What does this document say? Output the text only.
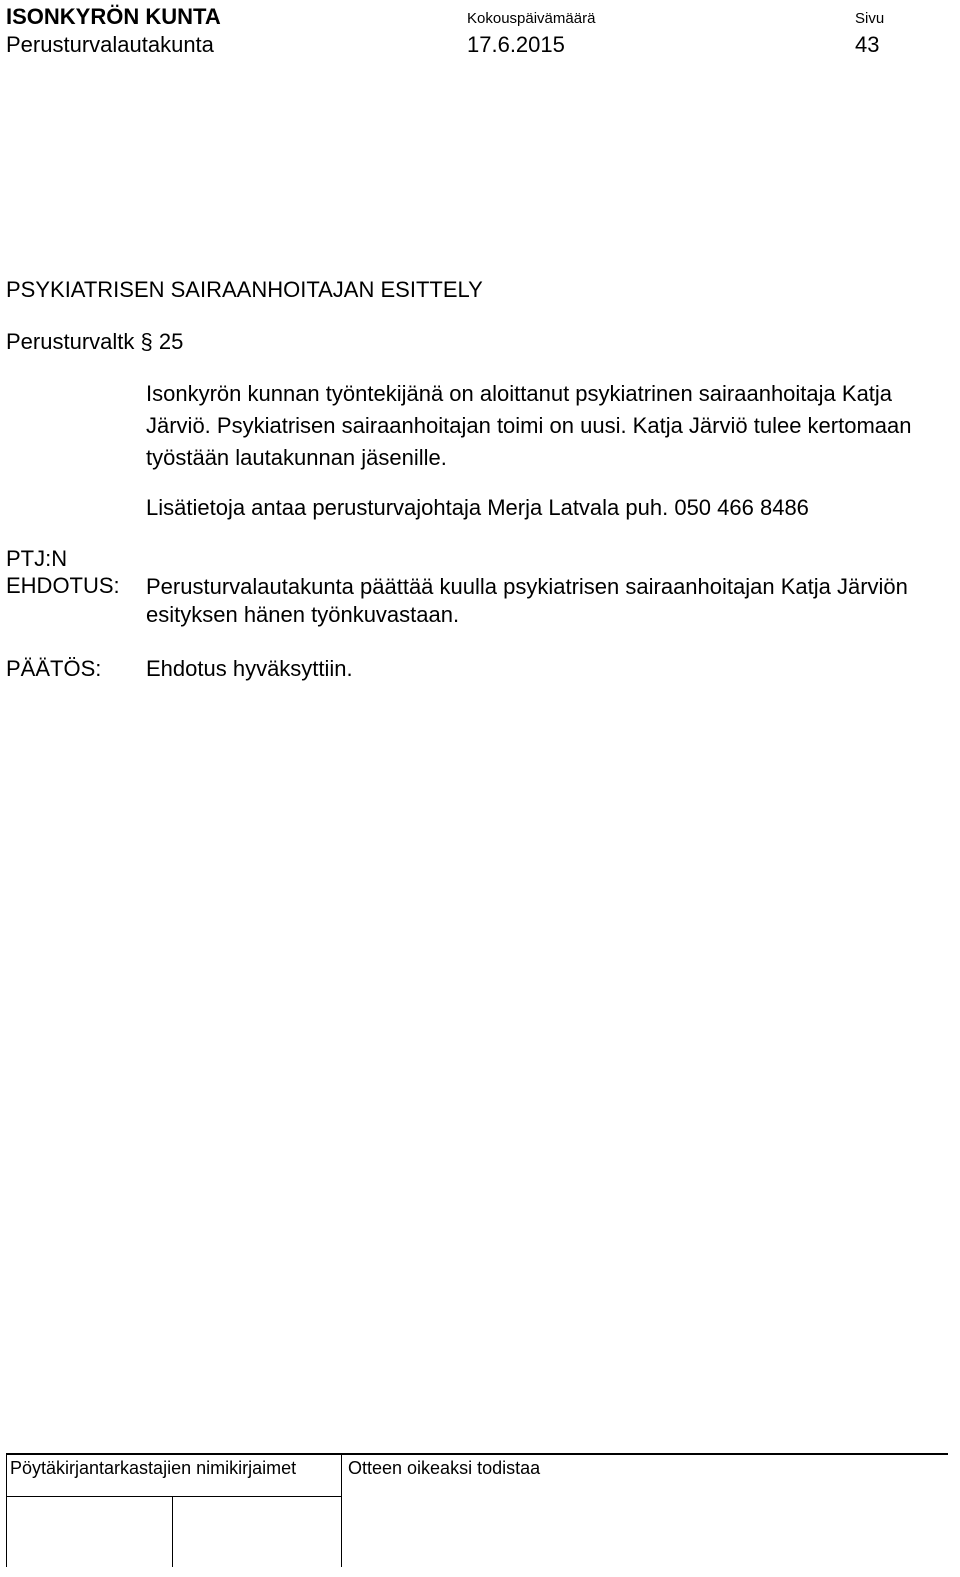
ISONKYRÖN KUNTA
Perusturvalautakunta
Kokouspäivämäärä
17.6.2015
Sivu
43
PSYKIATRISEN SAIRAANHOITAJAN ESITTELY
Perusturvaltk § 25
Isonkyrön kunnan työntekijänä on aloittanut psykiatrinen sairaanhoitaja Katja Järviö. Psykiatrisen sairaanhoitajan toimi on uusi. Katja Järviö tulee kertomaan työstään lautakunnan jäsenille.
Lisätietoja antaa perusturvajohtaja Merja Latvala puh. 050 466 8486
PTJ:N
EHDOTUS: Perusturvalautakunta päättää kuulla psykiatrisen sairaanhoitajan Katja Järviön esityksen hänen työnkuvastaan.
PÄÄTÖS: Ehdotus hyväksyttiin.
Pöytäkirjantarkastajien nimikirjaimet	Otteen oikeaksi todistaa
